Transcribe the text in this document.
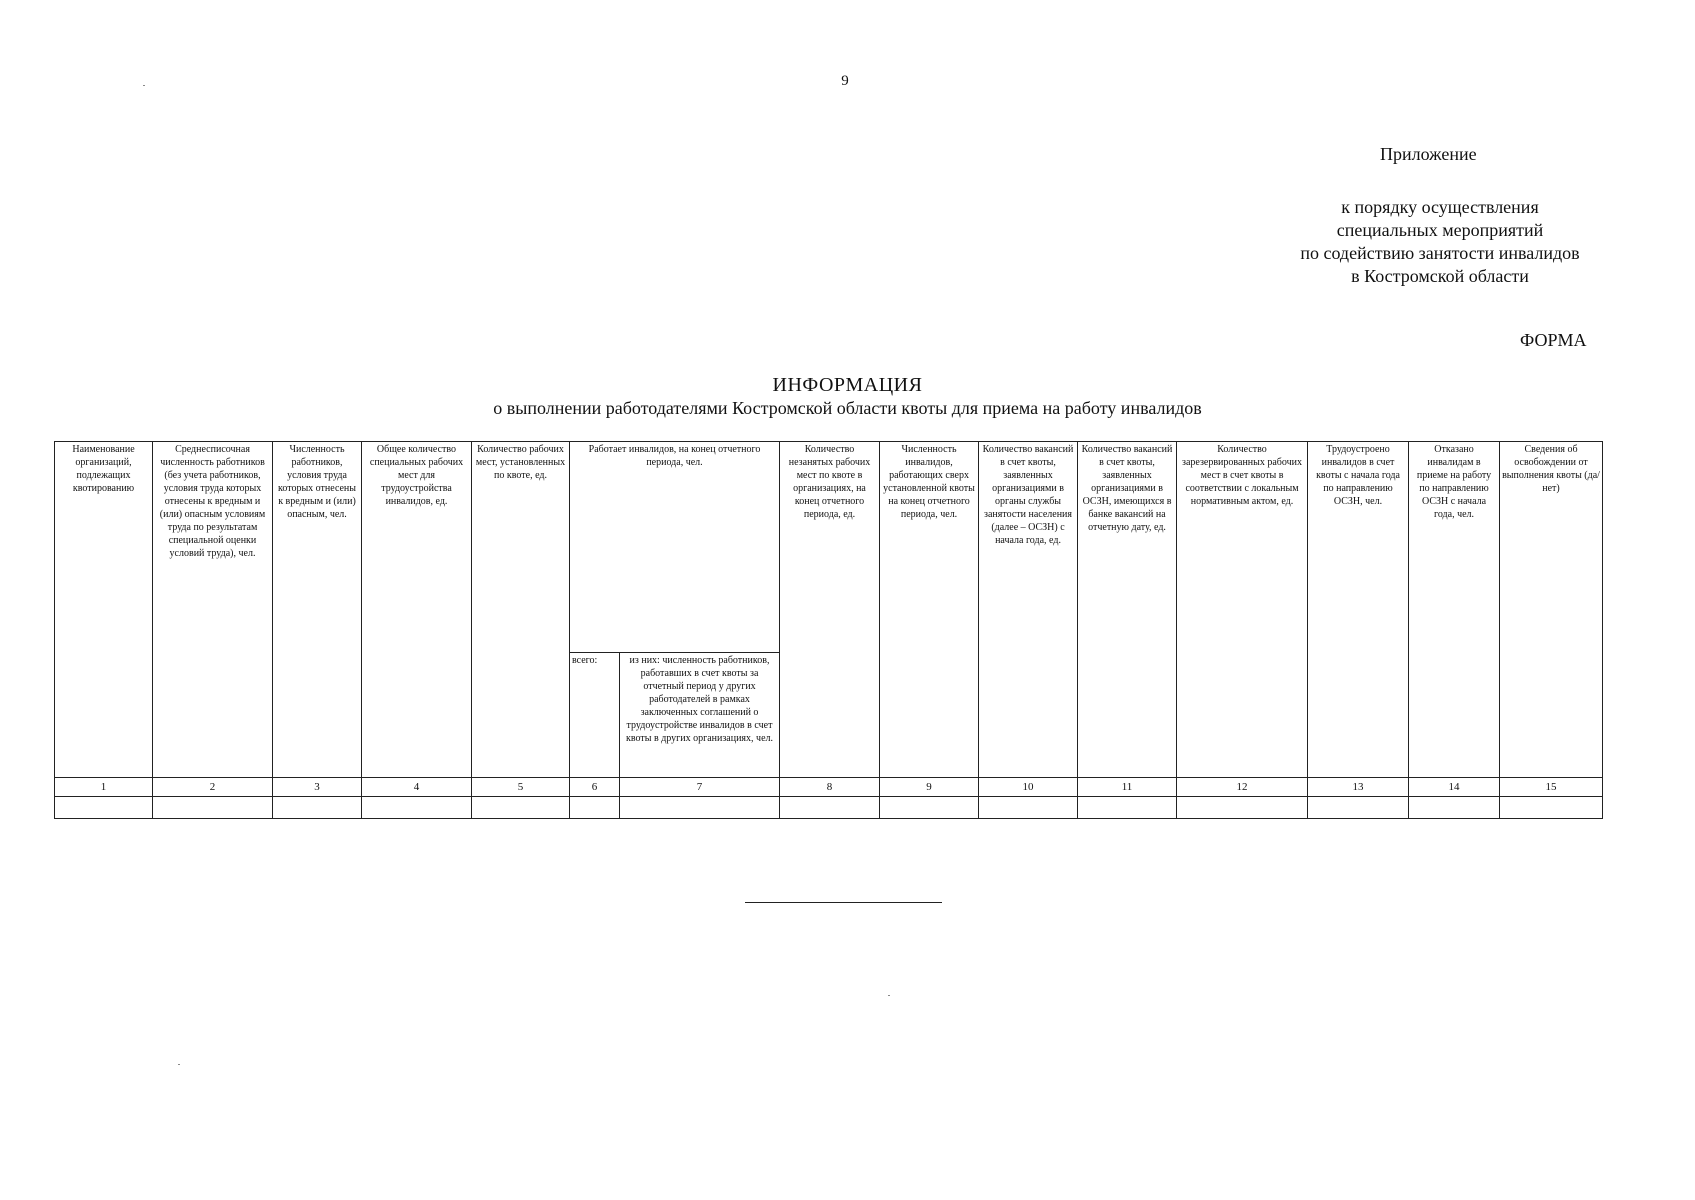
9
Приложение
к порядку осуществления
специальных мероприятий
по содействию занятости инвалидов
в Костромской области
ФОРМА
ИНФОРМАЦИЯ
о выполнении работодателями Костромской области квоты для приема на работу инвалидов
Наименование организаций, подлежащих квотированию	Среднесписочная численность работников (без учета работников, условия труда которых отнесены к вредным и (или) опасным условиям труда по результатам специальной оценки условий труда), чел.	Численность работников, условия труда которых отнесены к вредным и (или) опасным, чел.	Общее количество специальных рабочих мест для трудоустройства инвалидов, ед.	Количество рабочих мест, установленных по квоте, ед.	Работает инвалидов, на конец отчетного периода, чел.		Количество незанятых рабочих мест по квоте в организациях, на конец отчетного периода, ед.	Численность инвалидов, работающих сверх установленной квоты на конец отчетного периода, чел.	Количество вакансий в счет квоты, заявленных организациями в органы службы занятости населения (далее – ОСЗН) с начала года, ед.	Количество вакансий в счет квоты, заявленных организациями в ОСЗН, имеющихся в банке вакансий на отчетную дату, ед.	Количество зарезервированных рабочих мест в счет квоты в соответствии с локальным нормативным актом, ед.	Трудоустроено инвалидов в счет квоты с начала года по направлению ОСЗН, чел.	Отказано инвалидам в приеме на работу по направлению ОСЗН с начала года, чел.	Сведения об освобождении от выполнения квоты (да/нет)
					всего:	из них: численность работников, работавших в счет квоты за отчетный период у других работодателей в рамках заключенных соглашений о трудоустройстве инвалидов в счет квоты в других организациях, чел.								
1	2	3	4	5	6	7	8	9	10	11	12	13	14	15
